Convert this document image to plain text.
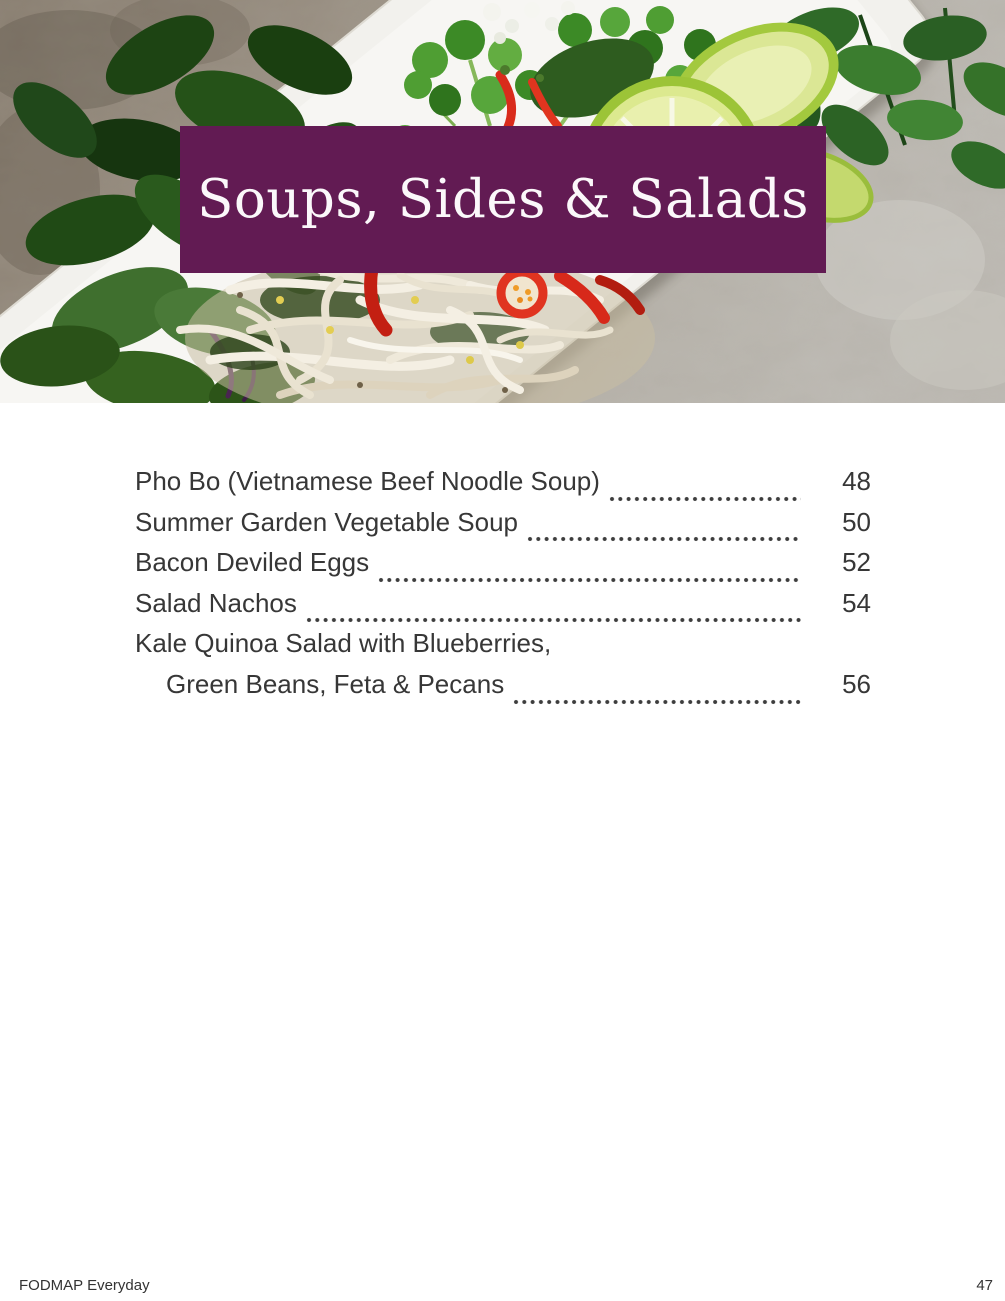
Soups, Sides & Salads
Pho Bo (Vietnamese Beef Noodle Soup)	48
Summer Garden Vegetable Soup	50
Bacon Deviled Eggs	52
Salad Nachos	54
Kale Quinoa Salad with Blueberries,
Green Beans, Feta & Pecans	56
FODMAP Everyday	47
